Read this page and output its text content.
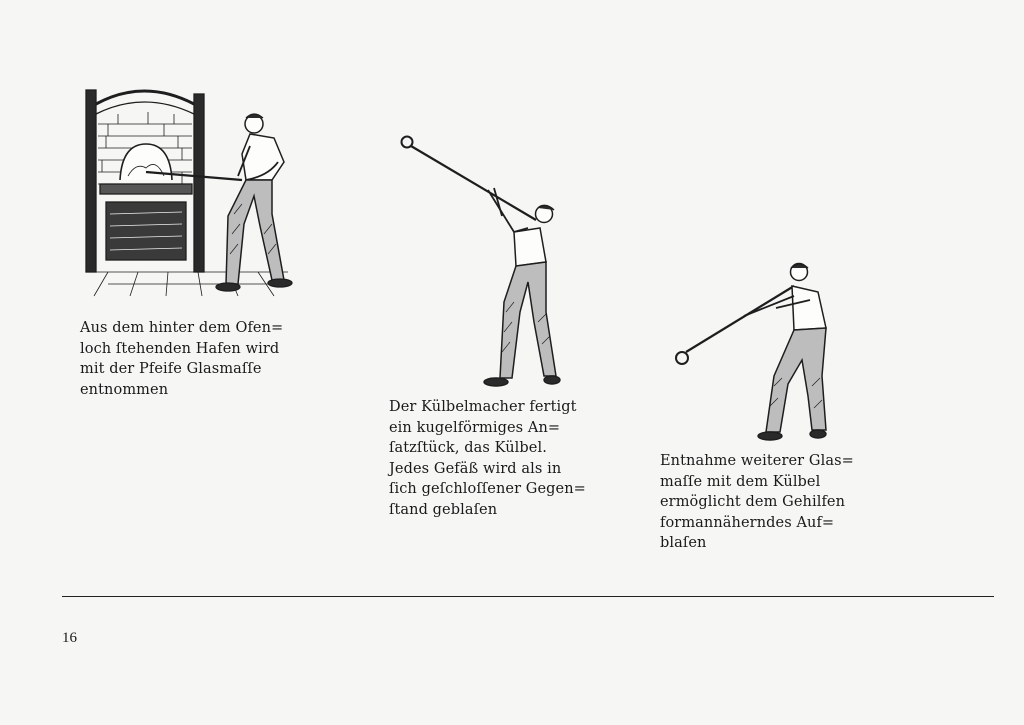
Aus dem hinter dem Ofen=
loch ſtehenden Hafen wird
mit der Pfeife Glasmaſſe
entnommen
Der Külbelmacher fertigt
ein kugelförmiges An=
ſatzſtück, das Külbel.
Jedes Gefäß wird als in
ſich geſchloſſener Gegen=
ſtand geblaſen
Entnahme weiterer Glas=
maſſe mit dem Külbel
ermöglicht dem Gehilfen
formannäherndes Auf=
blaſen
16
